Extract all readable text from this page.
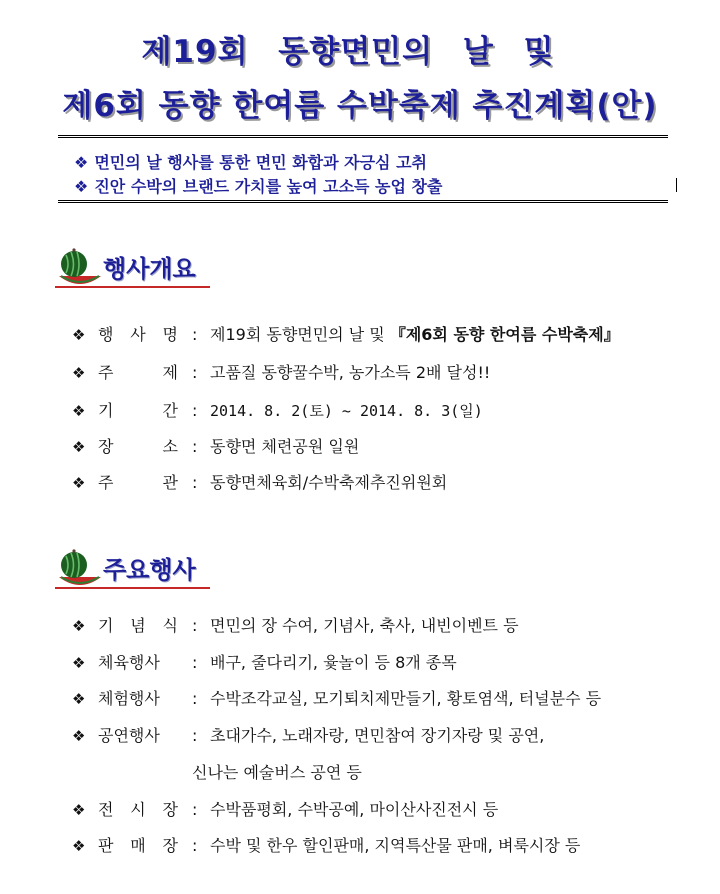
제19회 동향면민의 날 및
제6회 동향 한여름 수박축제 추진계획(안)
❖ 면민의 날 행사를 통한 면민 화합과 자긍심 고취
❖ 진안 수박의 브랜드 가치를 높여 고소득 농업 창출
행사개요
❖ 행 사 명 : 제19회 동향면민의 날 및 『제6회 동향 한여름 수박축제』
❖ 주	제 : 고품질 동향꿀수박, 농가소득 2배 달성!!
❖ 기	간 : 2014. 8. 2(토) ~ 2014. 8. 3(일)
❖ 장	소 : 동향면 체련공원 일원
❖ 주	관 : 동향면체육회/수박축제추진위원회
주요행사
❖ 기 념 식 : 면민의 장 수여, 기념사, 축사, 내빈이벤트 등
❖ 체육행사 : 배구, 줄다리기, 윷놀이 등 8개 종목
❖ 체험행사 : 수박조각교실, 모기퇴치제만들기, 황토염색, 터널분수 등
❖ 공연행사 : 초대가수, 노래자랑, 면민참여 장기자랑 및 공연,
신나는 예술버스 공연 등
❖ 전 시 장 : 수박품평회, 수박공예, 마이산사진전시 등
❖ 판 매 장 : 수박 및 한우 할인판매, 지역특산물 판매, 벼룩시장 등
